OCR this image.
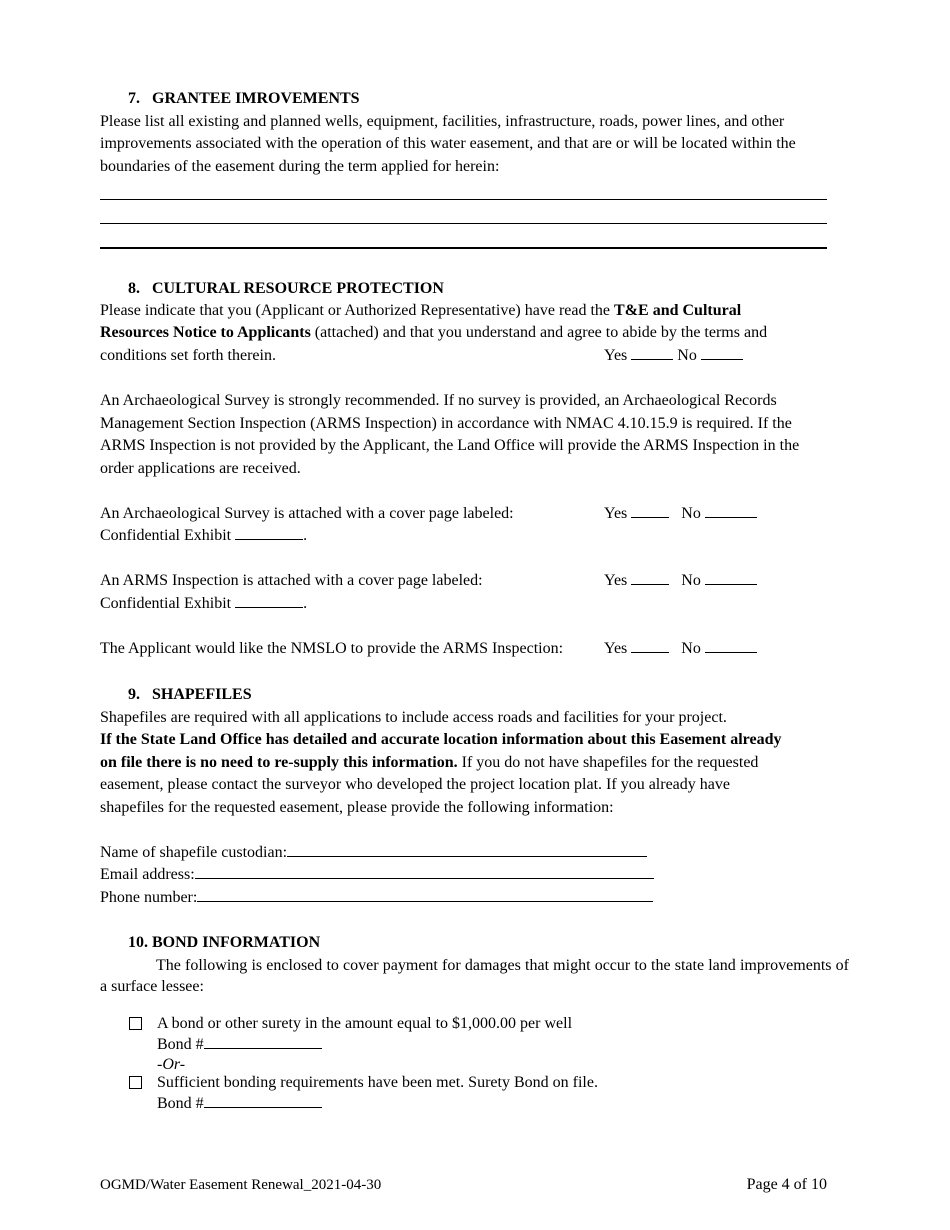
7. GRANTEE IMROVEMENTS
Please list all existing and planned wells, equipment, facilities, infrastructure, roads, power lines, and other
improvements associated with the operation of this water easement, and that are or will be located within the
boundaries of the easement during the term applied for herein:
8. CULTURAL RESOURCE PROTECTION
Please indicate that you (Applicant or Authorized Representative) have read the T&E and Cultural
Resources Notice to Applicants (attached) and that you understand and agree to abide by the terms and
conditions set forth therein.	Yes	No
An Archaeological Survey is strongly recommended. If no survey is provided, an Archaeological Records
Management Section Inspection (ARMS Inspection) in accordance with NMAC 4.10.15.9 is required. If the
ARMS Inspection is not provided by the Applicant, the Land Office will provide the ARMS Inspection in the
order applications are received.
An Archaeological Survey is attached with a cover page labeled:	Yes	No
Confidential Exhibit	.
An ARMS Inspection is attached with a cover page labeled:	Yes	No
Confidential Exhibit	.
The Applicant would like the NMSLO to provide the ARMS Inspection:	Yes	No
9. SHAPEFILES
Shapefiles are required with all applications to include access roads and facilities for your project.
If the State Land Office has detailed and accurate location information about this Easement already
on file there is no need to re-supply this information. If you do not have shapefiles for the requested
easement, please contact the surveyor who developed the project location plat. If you already have
shapefiles for the requested easement, please provide the following information:
Name of shapefile custodian:
Email address:
Phone number:
10. BOND INFORMATION
The following is enclosed to cover payment for damages that might occur to the state land improvements of a surface lessee:
A bond or other surety in the amount equal to $1,000.00 per well
Bond #
-Or-
Sufficient bonding requirements have been met. Surety Bond on file.
Bond #
OGMD/Water Easement Renewal_2021-04-30	Page 4 of 10
